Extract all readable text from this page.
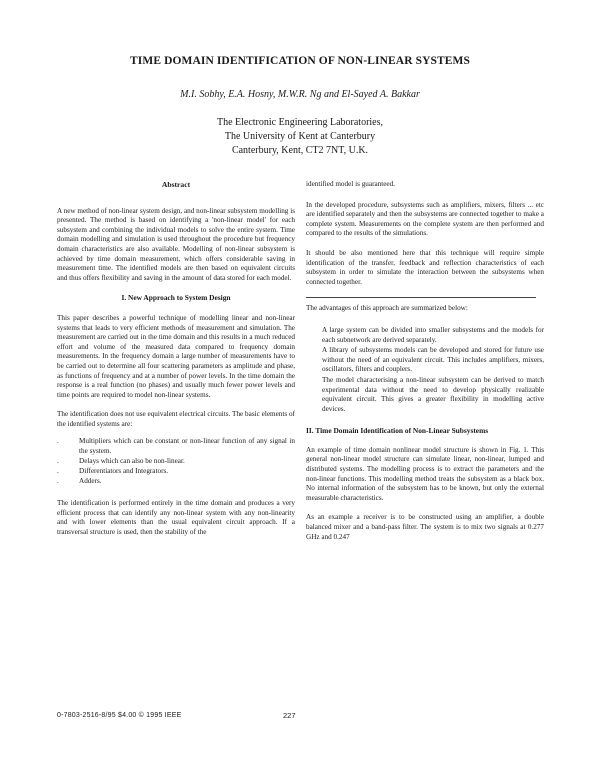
TIME DOMAIN IDENTIFICATION OF NON-LINEAR SYSTEMS
M.I. Sobhy, E.A. Hosny, M.W.R. Ng and El-Sayed A. Bakkar
The Electronic Engineering Laboratories,
The University of Kent at Canterbury
Canterbury, Kent, CT2 7NT, U.K.
Abstract

A new method of non-linear system design, and non-linear subsystem modelling is presented. The method is based on identifying a 'non-linear model' for each subsystem and combining the individual models to solve the entire system. Time domain modelling and simulation is used throughout the procedure but frequency domain characteristics are also available. Modelling of non-linear subsystem is achieved by time domain measurement, which offers considerable saving in measurement time. The identified models are then based on equivalent circuits and thus offers flexibility and saving in the amount of data stored for each model.

I. New Approach to System Design

This paper describes a powerful technique of modelling linear and non-linear systems that leads to very efficient methods of measurement and simulation. The measurement are carried out in the time domain and this results in a much reduced effort and volume of the measured data compared to frequency domain measurements. In the frequency domain a large number of measurements have to be carried out to determine all four scattering parameters as amplitude and phase, as functions of frequency and at a number of power levels. In the time domain the response is a real function (no phases) and usually much fewer power levels and time points are required to model non-linear systems.

The identification does not use equivalent electrical circuits. The basic elements of the identified systems are:

.	Multipliers which can be constant or non-linear function of any signal in the system.
.	Delays which can also be non-linear.
.	Differentiators and Integrators.
.	Adders.

The identification is performed entirely in the time domain and produces a very efficient process that can identify any non-linear system with any non-linearity and with lower elements than the usual equivalent circuit approach. If a transversal structure is used, then the stability of the

identified model is guaranteed.

In the developed procedure, subsystems such as amplifiers, mixers, filters ... etc are identified separately and then the subsystems are connected together to make a complete system. Measurements on the complete system are then performed and compared to the results of the simulations.

It should be also mentioned here that this technique will require simple identification of the transfer, feedback and reflection characteristics of each subsystem in order to simulate the interaction between the subsystems when connected together.

The advantages of this approach are summarized below:

A large system can be divided into smaller subsystems and the models for each subnetwork are derived separately.
A library of subsystems models can be developed and stored for future use without the need of an equivalent circuit. This includes amplifiers, mixers, oscillators, filters and couplers.
The model characterising a non-linear subsystem can be derived to match experimental data without the need to develop physically realizable equivalent circuit. This gives a greater flexibility in modelling active devices.
II. Time Domain Identification of Non-Linear Subsystems

An example of time domain nonlinear model structure is shown in Fig. 1. This general non-linear model structure can simulate linear, non-linear, lumped and distributed systems. The modelling process is to extract the parameters and the non-linear functions. This modelling method treats the subsystem as a black box. No internal information of the subsystem has to be known, but only the external measurable characteristics.

As an example a receiver is to be constructed using an amplifier, a double balanced mixer and a band-pass filter. The system is to mix two signals at 0.277 GHz and 0.247

0-7803-2516-8/95 $4.00 © 1995 IEEE	227
